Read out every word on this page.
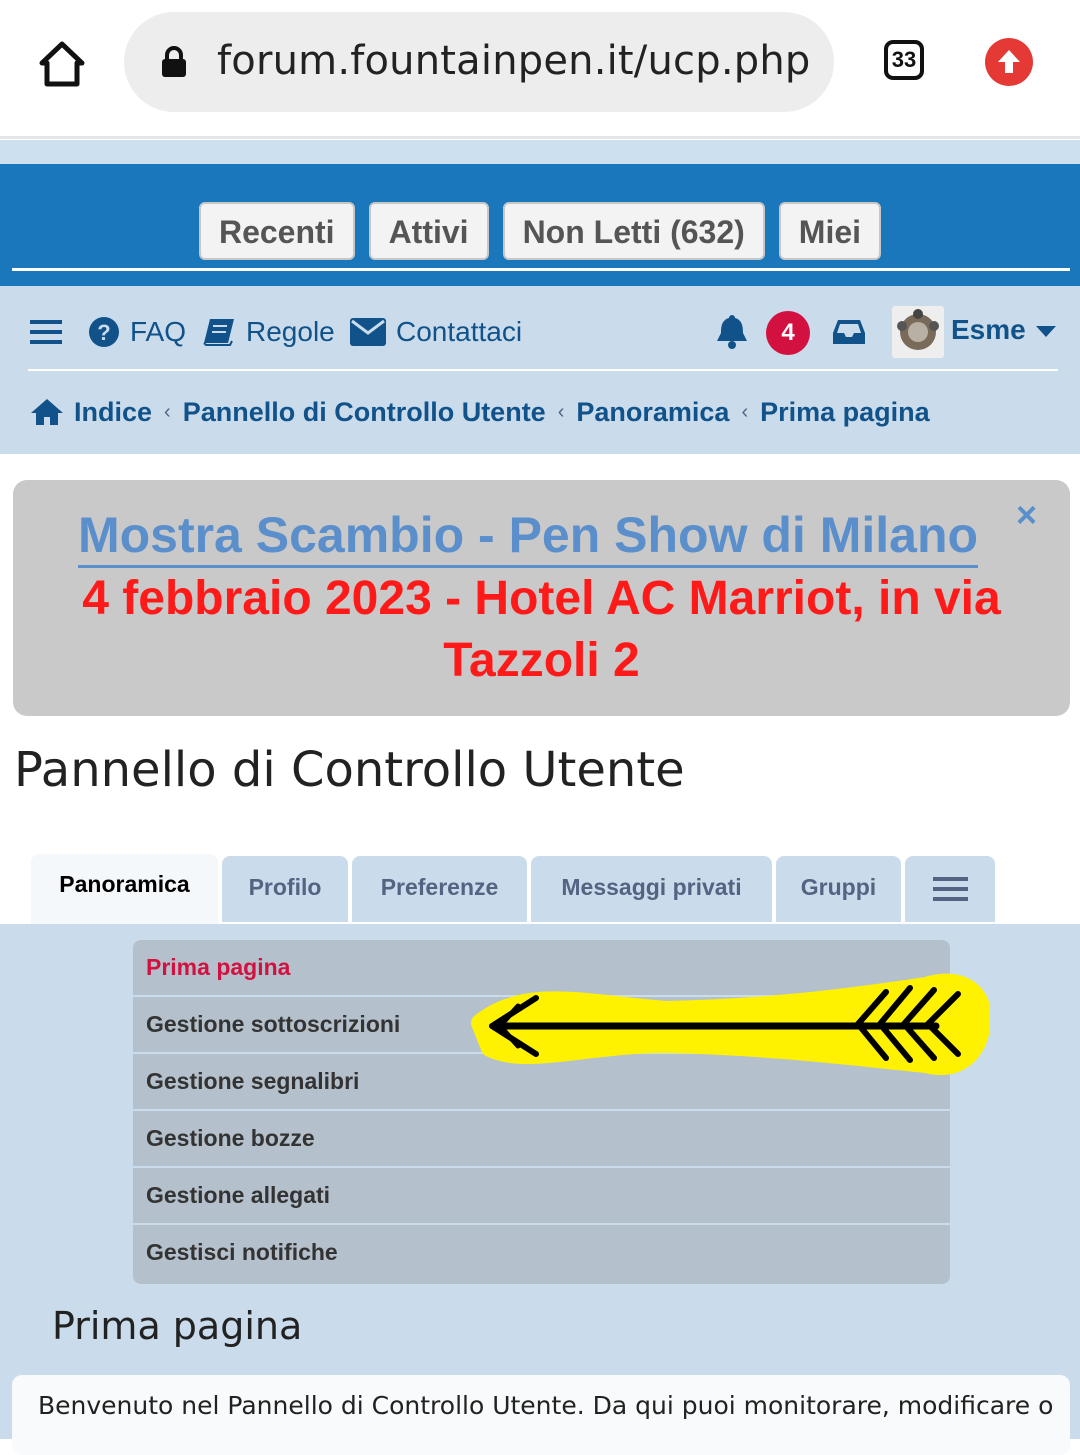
forum.fountainpen.it/ucp.php	33
Recenti Attivi Non Letti (632) Miei
? FAQ Regole Contattaci	4	Esme
Indice ‹ Pannello di Controllo Utente ‹ Panoramica ‹ Prima pagina
Mostra Scambio - Pen Show di Milano
4 febbraio 2023 - Hotel AC Marriot, in via Tazzoli 2
×
Pannello di Controllo Utente
Panoramica	Profilo	Preferenze	Messaggi privati	Gruppi
Prima pagina
Gestione sottoscrizioni
Gestione segnalibri
Gestione bozze
Gestione allegati
Gestisci notifiche
Prima pagina
Benvenuto nel Pannello di Controllo Utente. Da qui puoi monitorare, modificare o
